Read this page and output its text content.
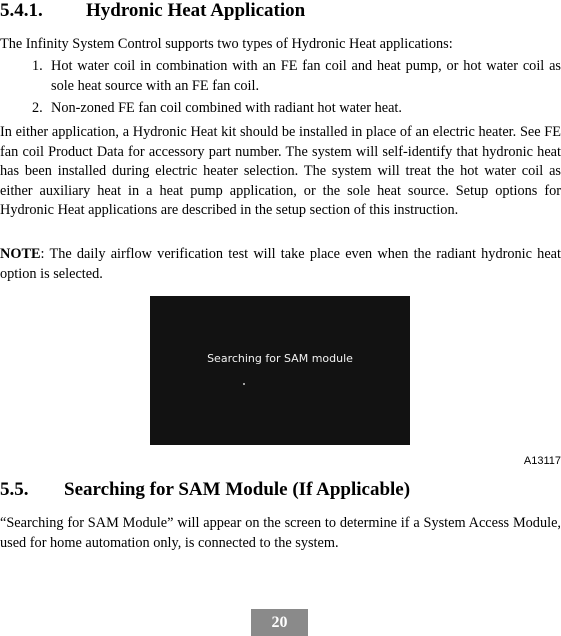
5.4.1. Hydronic Heat Application

The Infinity System Control supports two types of Hydronic Heat applications:

1. Hot water coil in combination with an FE fan coil and heat pump, or hot water coil as sole heat source with an FE fan coil.
2. Non-zoned FE fan coil combined with radiant hot water heat.

In either application, a Hydronic Heat kit should be installed in place of an electric heater. See FE fan coil Product Data for accessory part number. The system will self-identify that hydronic heat has been installed during electric heater selection. The system will treat the hot water coil as either auxiliary heat in a heat pump application, or the sole heat source. Setup options for Hydronic Heat applications are described in the setup section of this instruction.

NOTE: The daily airflow verification test will take place even when the radiant hydronic heat option is selected.

Searching for SAM module
A13117
5.5. Searching for SAM Module (If Applicable)

“Searching for SAM Module” will appear on the screen to determine if a System Access Module, used for home automation only, is connected to the system.

20
